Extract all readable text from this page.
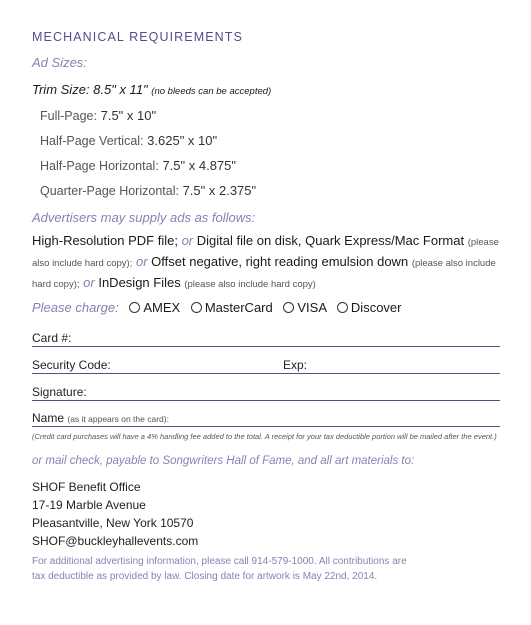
MECHANICAL REQUIREMENTS
Ad Sizes:
Trim Size: 8.5" x 11" (no bleeds can be accepted)
Full-Page: 7.5" x 10"
Half-Page Vertical: 3.625" x 10"
Half-Page Horizontal: 7.5" x 4.875"
Quarter-Page Horizontal: 7.5" x 2.375"
Advertisers may supply ads as follows:
High-Resolution PDF file; or Digital file on disk, Quark Express/Mac Format (please also include hard copy); or Offset negative, right reading emulsion down (please also include hard copy); or InDesign Files (please also include hard copy)
Please charge: AMEX MasterCard VISA Discover
Card #:
Security Code:	Exp:
Signature:
Name (as it appears on the card):
(Credit card purchases will have a 4% handling fee added to the total. A receipt for your tax deductible portion will be mailed after the event.)
or mail check, payable to Songwriters Hall of Fame, and all art materials to:
SHOF Benefit Office
17-19 Marble Avenue
Pleasantville, New York 10570
SHOF@buckleyhallevents.com
For additional advertising information, please call 914-579-1000. All contributions are
tax deductible as provided by law. Closing date for artwork is May 22nd, 2014.
